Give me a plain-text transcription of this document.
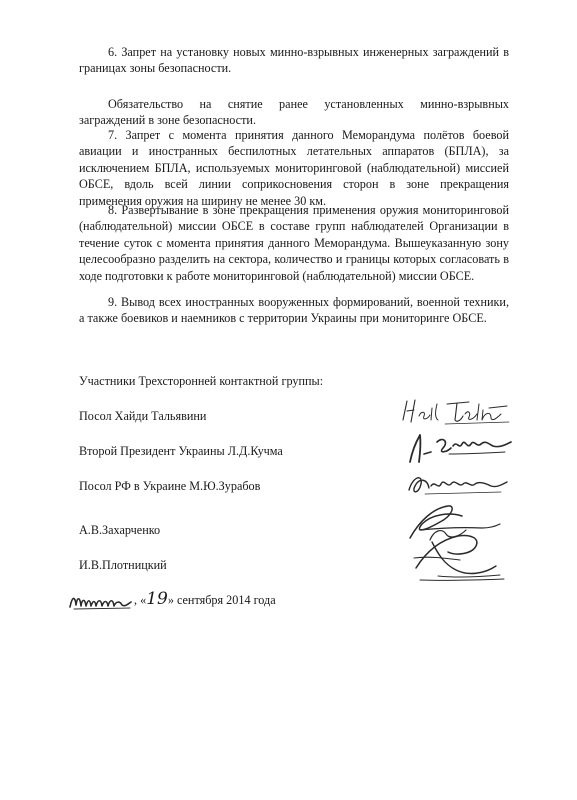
6. Запрет на установку новых минно-взрывных инженерных заграждений в границах зоны безопасности.

Обязательство на снятие ранее установленных минно-взрывных заграждений в зоне безопасности.

7. Запрет с момента принятия данного Меморандума полётов боевой авиации и иностранных беспилотных летательных аппаратов (БПЛА), за исключением БПЛА, используемых мониторинговой (наблюдательной) миссией ОБСЕ, вдоль всей линии соприкосновения сторон в зоне прекращения применения оружия на ширину не менее 30 км.

8. Развертывание в зоне прекращения применения оружия мониторинговой (наблюдательной) миссии ОБСЕ в составе групп наблюдателей Организации в течение суток с момента принятия данного Меморандума. Вышеуказанную зону целесообразно разделить на сектора, количество и границы которых согласовать в ходе подготовки к работе мониторинговой (наблюдательной) миссии ОБСЕ.

9. Вывод всех иностранных вооруженных формирований, военной техники, а также боевиков и наемников с территории Украины при мониторинге ОБСЕ.

Участники Трехсторонней контактной группы:

Посол Хайди Тальявини

Второй Президент Украины Л.Д.Кучма

Посол РФ в Украине М.Ю.Зурабов

А.В.Захарченко

И.В.Плотницкий

, «19» сентября 2014 года
